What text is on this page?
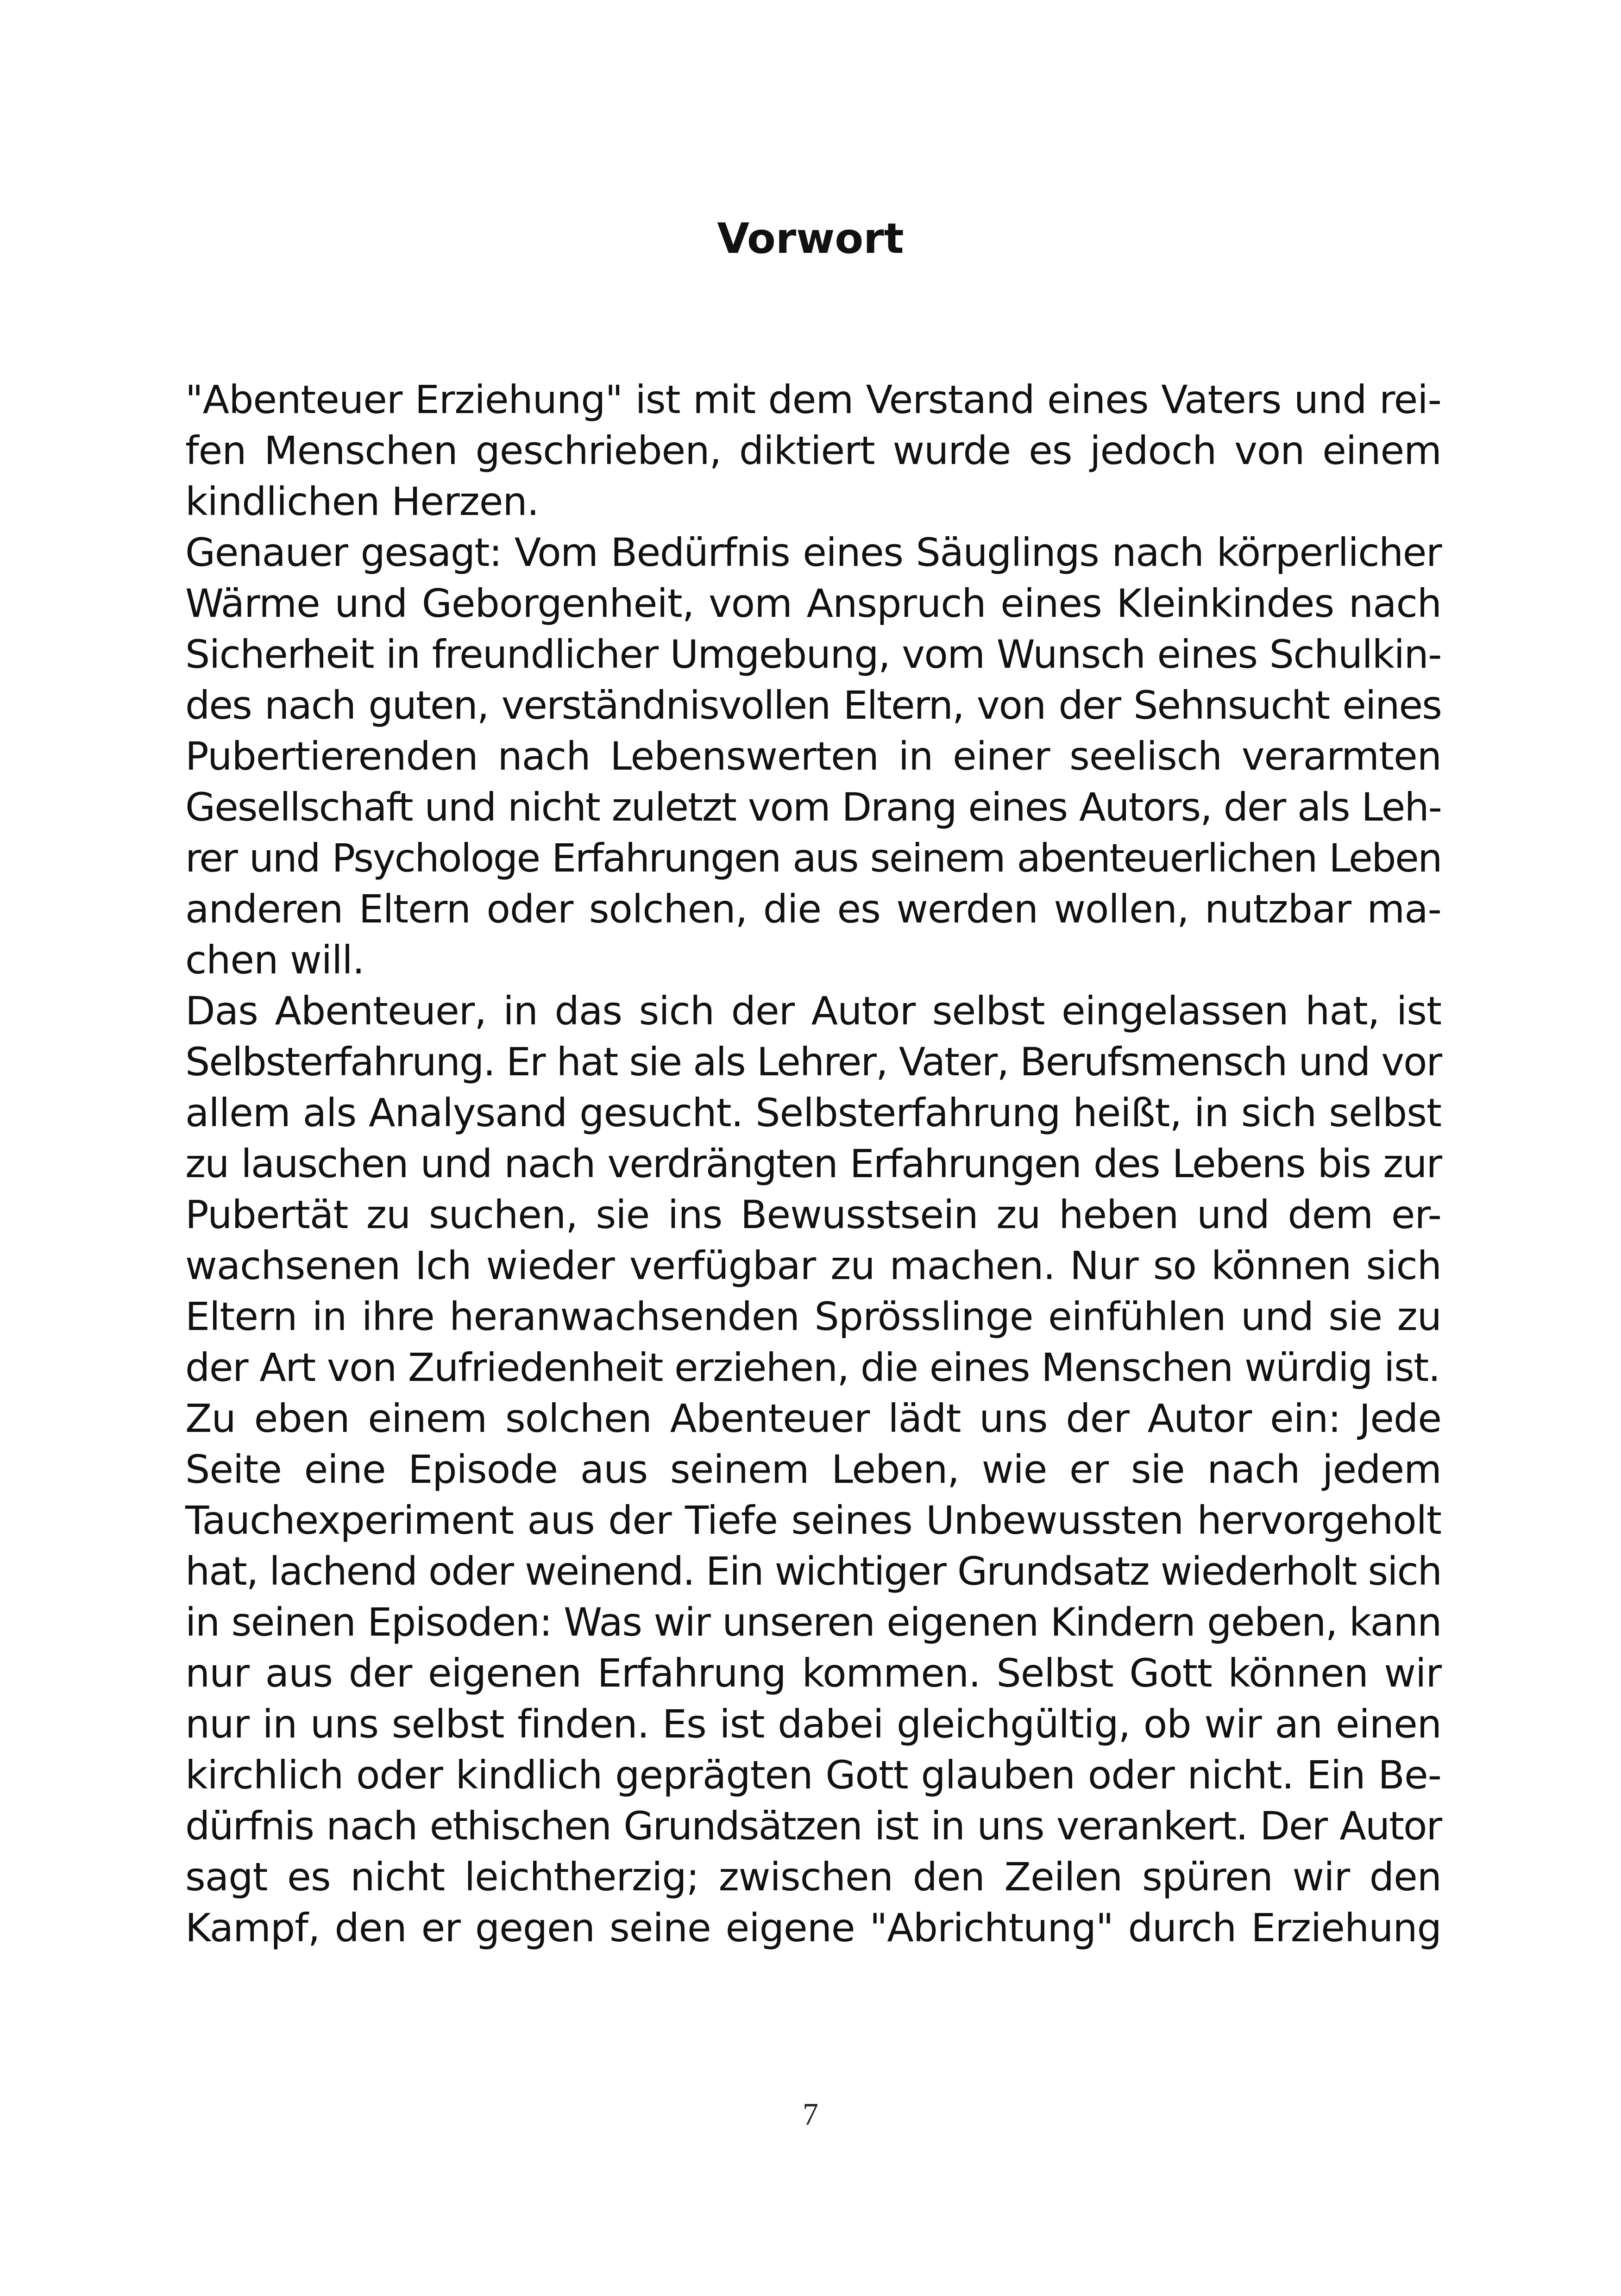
Vorwort
"Abenteuer Erziehung" ist mit dem Verstand eines Vaters und rei-
fen Menschen geschrieben, diktiert wurde es jedoch von einem
kindlichen Herzen.
Genauer gesagt: Vom Bedürfnis eines Säuglings nach körperlicher
Wärme und Geborgenheit, vom Anspruch eines Kleinkindes nach
Sicherheit in freundlicher Umgebung, vom Wunsch eines Schulkin-
des nach guten, verständnisvollen Eltern, von der Sehnsucht eines
Pubertierenden nach Lebenswerten in einer seelisch verarmten
Gesellschaft und nicht zuletzt vom Drang eines Autors, der als Leh-
rer und Psychologe Erfahrungen aus seinem abenteuerlichen Leben
anderen Eltern oder solchen, die es werden wollen, nutzbar ma-
chen will.
Das Abenteuer, in das sich der Autor selbst eingelassen hat, ist
Selbsterfahrung. Er hat sie als Lehrer, Vater, Berufsmensch und vor
allem als Analysand gesucht. Selbsterfahrung heißt, in sich selbst
zu lauschen und nach verdrängten Erfahrungen des Lebens bis zur
Pubertät zu suchen, sie ins Bewusstsein zu heben und dem er-
wachsenen Ich wieder verfügbar zu machen. Nur so können sich
Eltern in ihre heranwachsenden Sprösslinge einfühlen und sie zu
der Art von Zufriedenheit erziehen, die eines Menschen würdig ist.
Zu eben einem solchen Abenteuer lädt uns der Autor ein: Jede
Seite eine Episode aus seinem Leben, wie er sie nach jedem
Tauchexperiment aus der Tiefe seines Unbewussten hervorgeholt
hat, lachend oder weinend. Ein wichtiger Grundsatz wiederholt sich
in seinen Episoden: Was wir unseren eigenen Kindern geben, kann
nur aus der eigenen Erfahrung kommen. Selbst Gott können wir
nur in uns selbst finden. Es ist dabei gleichgültig, ob wir an einen
kirchlich oder kindlich geprägten Gott glauben oder nicht. Ein Be-
dürfnis nach ethischen Grundsätzen ist in uns verankert. Der Autor
sagt es nicht leichtherzig; zwischen den Zeilen spüren wir den
Kampf, den er gegen seine eigene "Abrichtung" durch Erziehung
7
